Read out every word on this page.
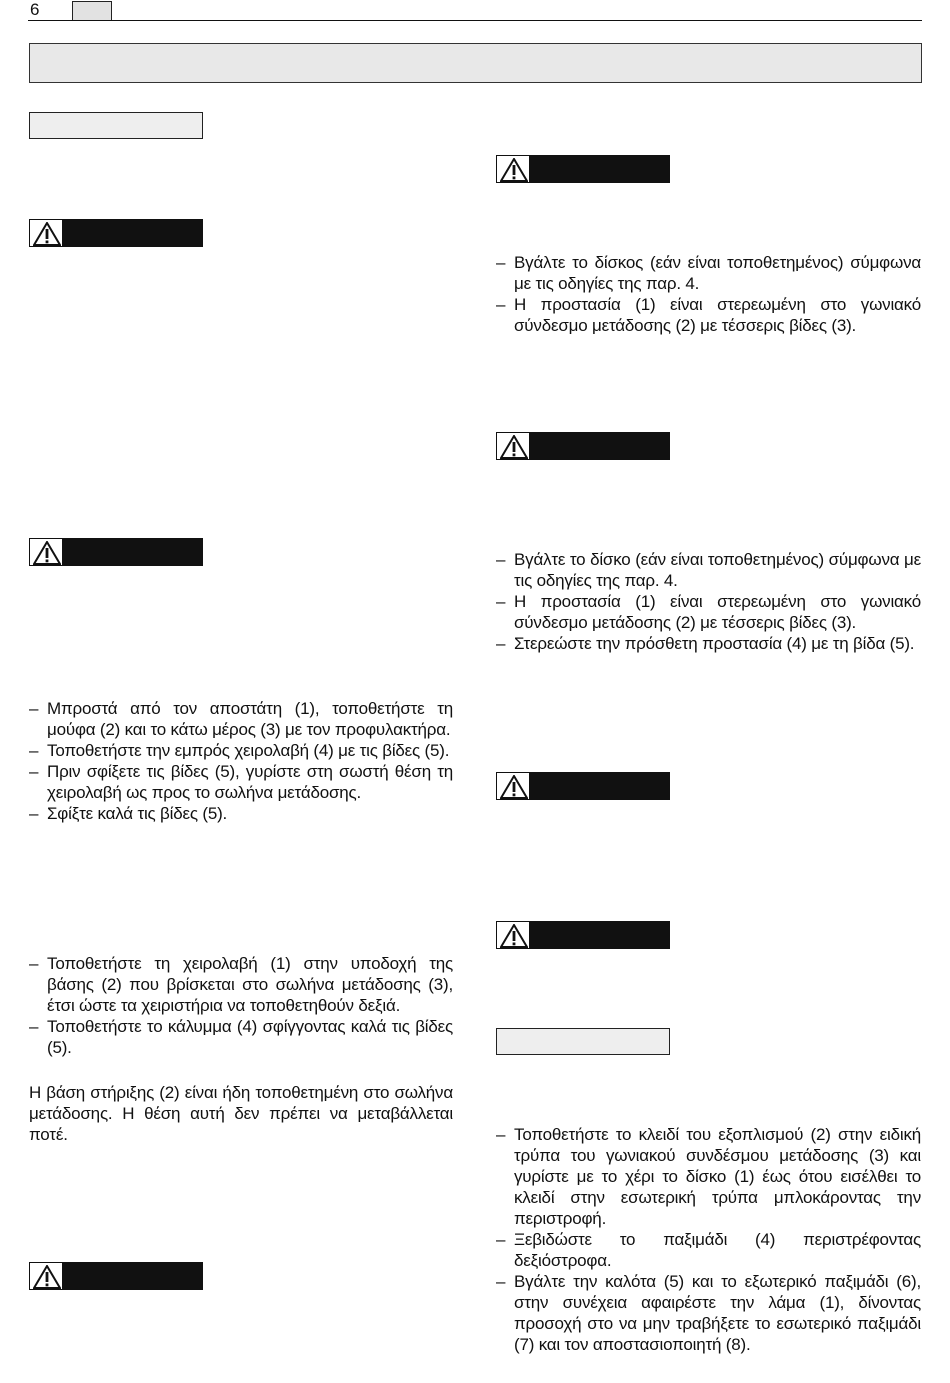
6
– Μπροστά από τον αποστάτη (1), τοποθετήστε τη μούφα (2) και το κάτω μέρος (3) με τον προφυλακτήρα.
– Τοποθετήστε την εμπρός χειρολαβή (4) με τις βίδες (5).
– Πριν σφίξετε τις βίδες (5), γυρίστε στη σωστή θέση τη χειρολαβή ως προς το σωλήνα μετάδοσης.
– Σφίξτε καλά τις βίδες (5).
– Τοποθετήστε τη χειρολαβή (1) στην υποδοχή της βάσης (2) που βρίσκεται στο σωλήνα μετάδοσης (3), έτσι ώστε τα χειριστήρια να τοποθετηθούν δεξιά.
– Τοποθετήστε το κάλυμμα (4) σφίγγοντας καλά τις βίδες (5).

Η βάση στήριξης (2) είναι ήδη τοποθετημένη στο σωλήνα μετάδοσης. Η θέση αυτή δεν πρέπει να μεταβάλλεται ποτέ.

– Βγάλτε το δίσκος (εάν είναι τοποθετημένος) σύμφωνα με τις οδηγίες της παρ. 4.
– Η προστασία (1) είναι στερεωμένη στο γωνιακό σύνδεσμο μετάδοσης (2) με τέσσερις βίδες (3).
– Βγάλτε το δίσκο (εάν είναι τοποθετημένος) σύμφωνα με τις οδηγίες της παρ. 4.
– Η προστασία (1) είναι στερεωμένη στο γωνιακό σύνδεσμο μετάδοσης (2) με τέσσερις βίδες (3).
– Στερεώστε την πρόσθετη προστασία (4) με τη βίδα (5).
– Τοποθετήστε το κλειδί του εξοπλισμού (2) στην ειδική τρύπα του γωνιακού συνδέσμου μετάδοσης (3) και γυρίστε με το χέρι το δίσκο (1) έως ότου εισέλθει το κλειδί στην εσωτερική τρύπα μπλοκάροντας την περιστροφή.
– Ξεβιδώστε το παξιμάδι (4) περιστρέφοντας δεξιόστροφα.
– Βγάλτε την καλότα (5) και το εξωτερικό παξιμάδι (6), στην συνέχεια αφαιρέστε την λάμα (1), δίνοντας προσοχή στο να μην τραβήξετε το εσωτερικό παξιμάδι (7) και τον αποστασιοποιητή (8).
